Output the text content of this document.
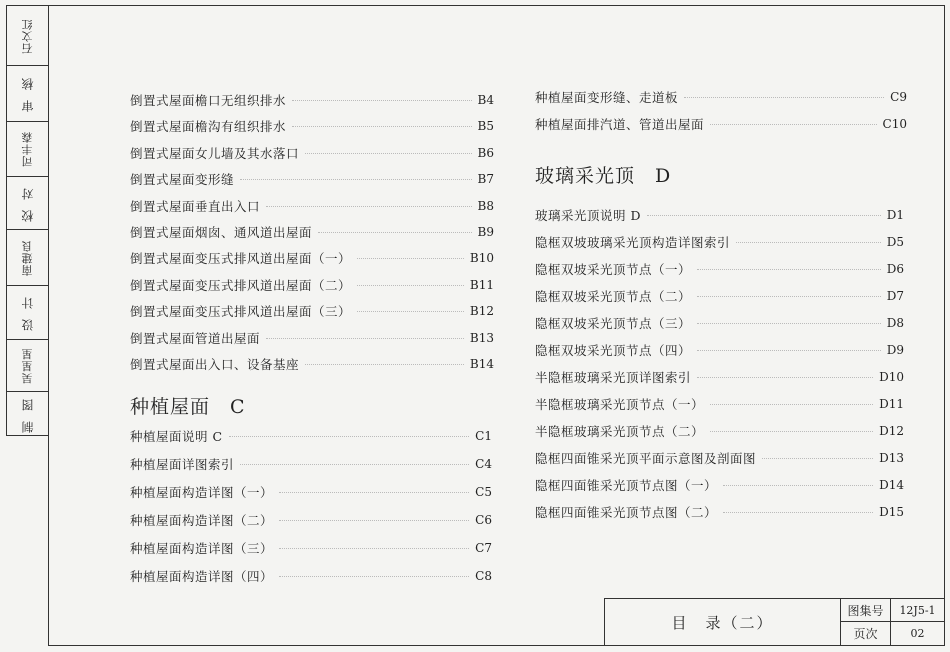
石文红
审 核
司丰森
校 对
南建良
设 计
吴星星
制 图
倒置式屋面檐口无组织排水	B4
倒置式屋面檐沟有组织排水	B5
倒置式屋面女儿墙及其水落口	B6
倒置式屋面变形缝	B7
倒置式屋面垂直出入口	B8
倒置式屋面烟囱、通风道出屋面	B9
倒置式屋面变压式排风道出屋面（一）	B10
倒置式屋面变压式排风道出屋面（二）	B11
倒置式屋面变压式排风道出屋面（三）	B12
倒置式屋面管道出屋面	B13
倒置式屋面出入口、设备基座	B14
种植屋面　C
种植屋面说明 C	C1
种植屋面详图索引	C4
种植屋面构造详图（一）	C5
种植屋面构造详图（二）	C6
种植屋面构造详图（三）	C7
种植屋面构造详图（四）	C8
种植屋面变形缝、走道板	C9
种植屋面排汽道、管道出屋面	C10
玻璃采光顶　D
玻璃采光顶说明 D	D1
隐框双坡玻璃采光顶构造详图索引	D5
隐框双坡采光顶节点（一）	D6
隐框双坡采光顶节点（二）	D7
隐框双坡采光顶节点（三）	D8
隐框双坡采光顶节点（四）	D9
半隐框玻璃采光顶详图索引	D10
半隐框玻璃采光顶节点（一）	D11
半隐框玻璃采光顶节点（二）	D12
隐框四面锥采光顶平面示意图及剖面图	D13
隐框四面锥采光顶节点图（一）	D14
隐框四面锥采光顶节点图（二）	D15
目　录（二）
图集号	12J5-1
页次	02
